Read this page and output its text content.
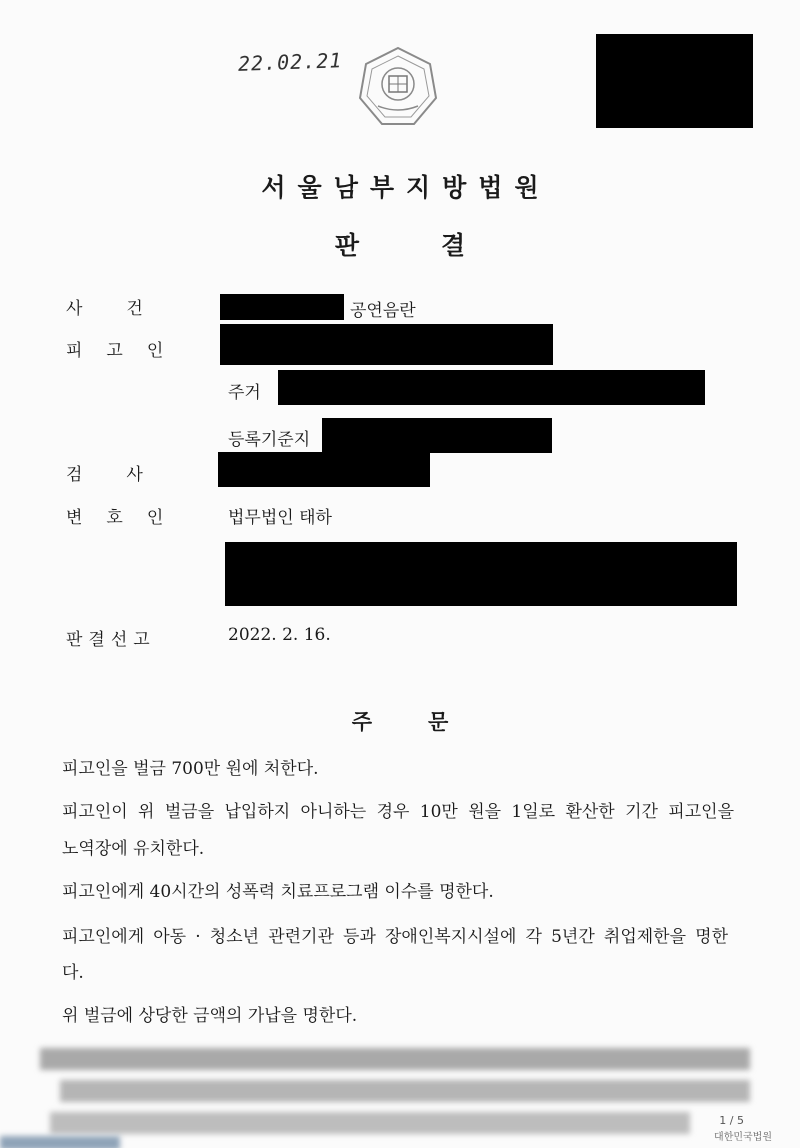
22.02.21
서울남부지방법원
판결
사건	공연음란
피고인
주거
등록기준지
검사
변호인 법무법인 태하
판결선고	2022. 2. 16.
주문
피고인을 벌금 700만 원에 처한다.
피고인이 위 벌금을 납입하지 아니하는 경우 10만 원을 1일로 환산한 기간 피고인을
노역장에 유치한다.
피고인에게 40시간의 성폭력 치료프로그램 이수를 명한다.
피고인에게 아동 · 청소년 관련기관 등과 장애인복지시설에 각 5년간 취업제한을 명한
다.
위 벌금에 상당한 금액의 가납을 명한다.
1 / 5
대한민국법원
